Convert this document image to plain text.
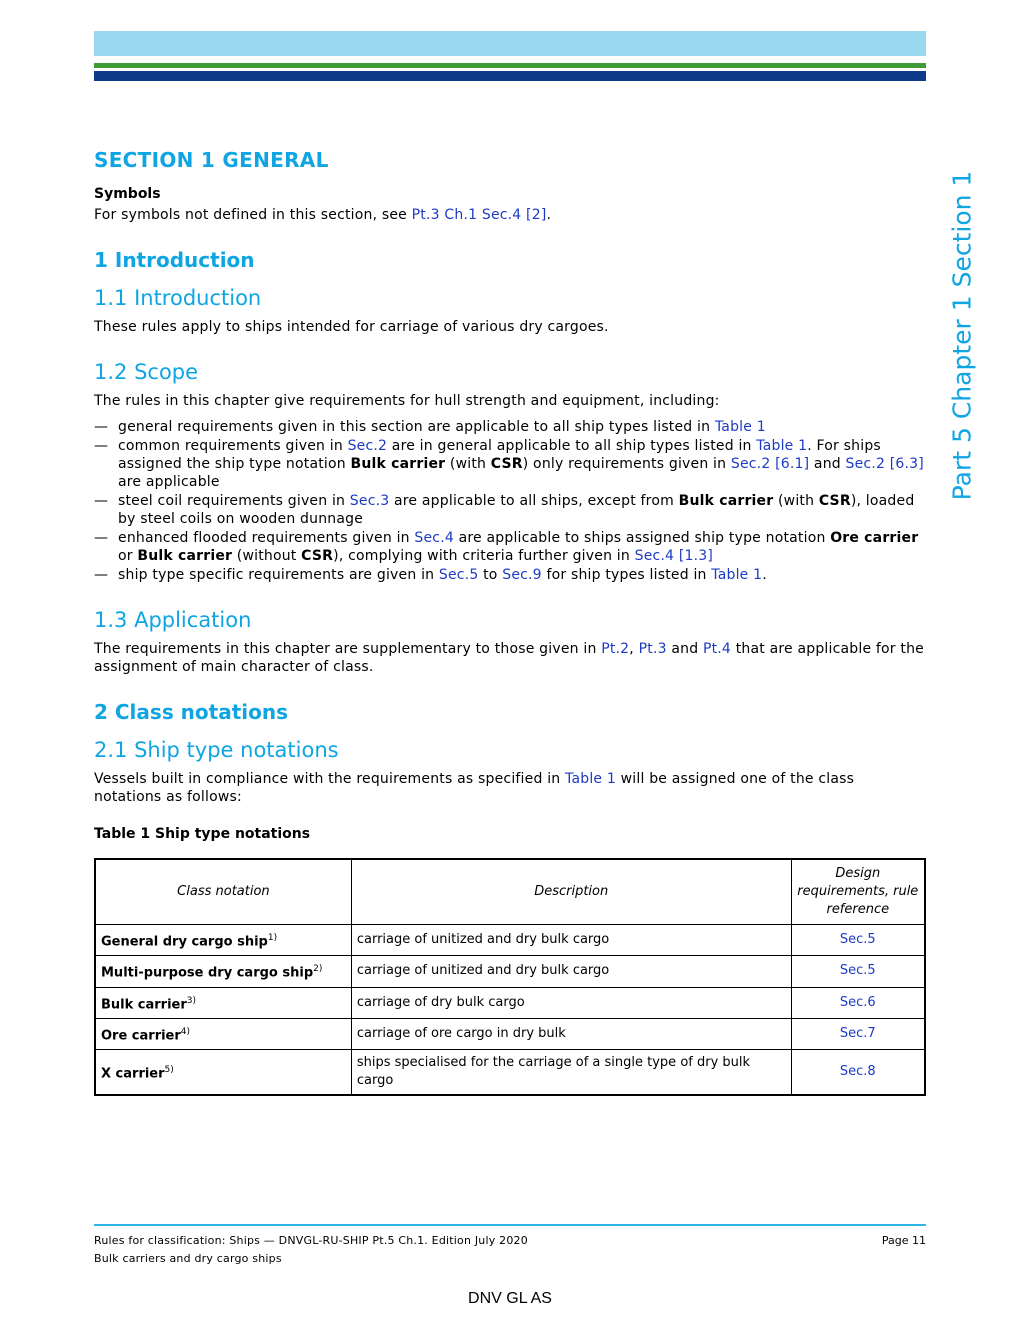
Part 5 Chapter 1 Section 1
SECTION 1 GENERAL
Symbols

For symbols not defined in this section, see Pt.3 Ch.1 Sec.4 [2].

1 Introduction
1.1 Introduction

These rules apply to ships intended for carriage of various dry cargoes.

1.2 Scope

The rules in this chapter give requirements for hull strength and equipment, including:

— general requirements given in this section are applicable to all ship types listed in Table 1
— common requirements given in Sec.2 are in general applicable to all ship types listed in Table 1. For ships assigned the ship type notation Bulk carrier (with CSR) only requirements given in Sec.2 [6.1] and Sec.2 [6.3] are applicable
— steel coil requirements given in Sec.3 are applicable to all ships, except from Bulk carrier (with CSR), loaded by steel coils on wooden dunnage
— enhanced flooded requirements given in Sec.4 are applicable to ships assigned ship type notation Ore carrier or Bulk carrier (without CSR), complying with criteria further given in Sec.4 [1.3]
— ship type specific requirements are given in Sec.5 to Sec.9 for ship types listed in Table 1.
1.3 Application

The requirements in this chapter are supplementary to those given in Pt.2, Pt.3 and Pt.4 that are applicable for the assignment of main character of class.

2 Class notations
2.1 Ship type notations

Vessels built in compliance with the requirements as specified in Table 1 will be assigned one of the class notations as follows:

Table 1 Ship type notations
Class notation	Description	Design requirements, rule reference
General dry cargo ship$^{1)}$	carriage of unitized and dry bulk cargo	Sec.5
Multi-purpose dry cargo ship$^{2)}$	carriage of unitized and dry bulk cargo	Sec.5
Bulk carrier$^{3)}$	carriage of dry bulk cargo	Sec.6
Ore carrier$^{4)}$	carriage of ore cargo in dry bulk	Sec.7
X carrier$^{5)}$	ships specialised for the carriage of a single type of dry bulk cargo	Sec.8
Rules for classification: Ships — DNVGL-RU-SHIP Pt.5 Ch.1. Edition July 2020
Bulk carriers and dry cargo ships
Page 11
DNV GL AS
